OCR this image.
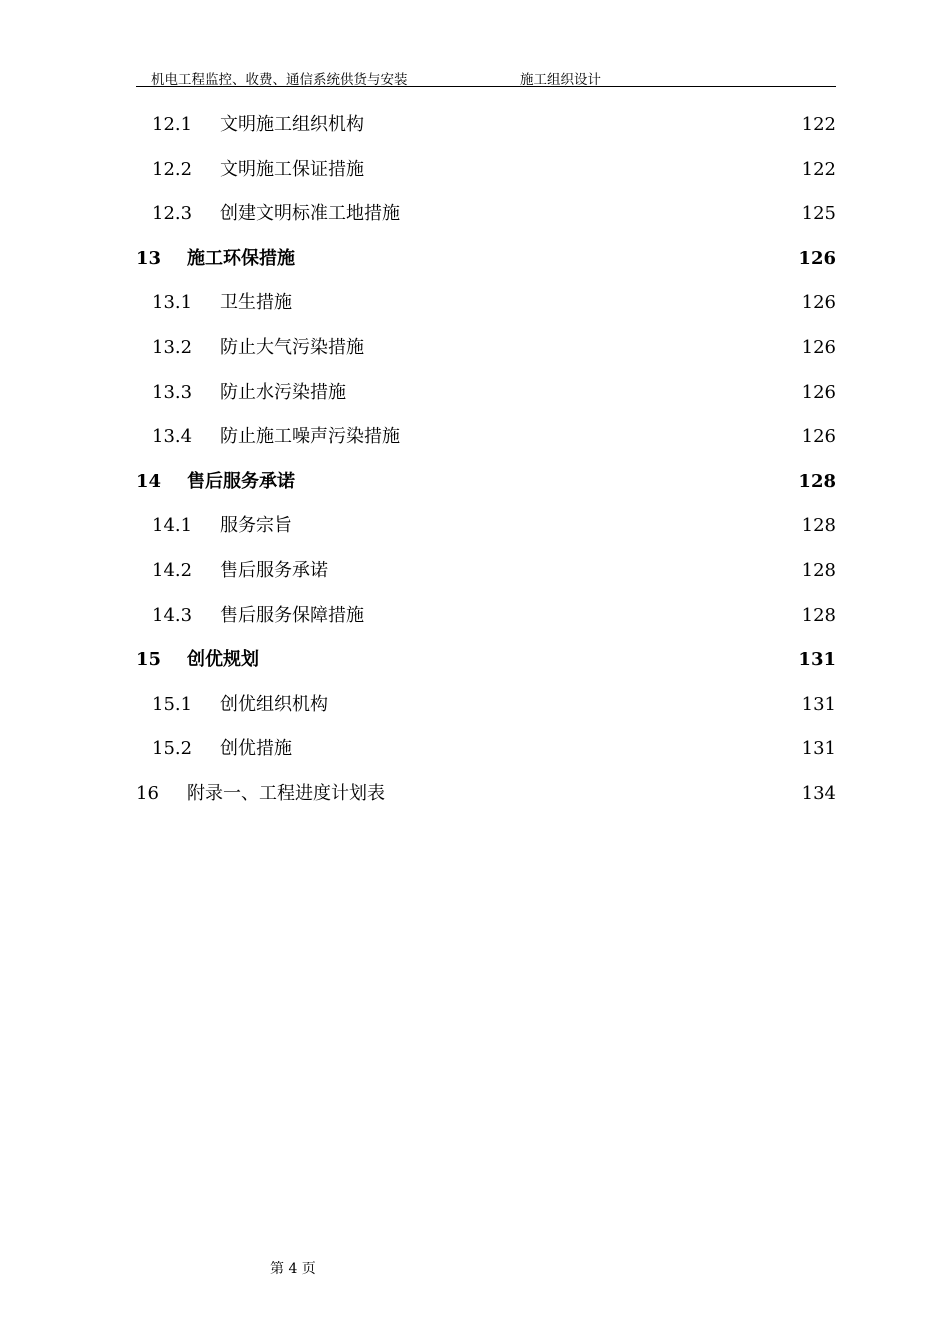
机电工程监控、收费、通信系统供货与安装	施工组织设计
12.1 文明施工组织机构	122
12.2 文明施工保证措施	122
12.3 创建文明标准工地措施	125
13 施工环保措施	126
13.1 卫生措施	126
13.2 防止大气污染措施	126
13.3 防止水污染措施	126
13.4 防止施工噪声污染措施	126
14 售后服务承诺	128
14.1 服务宗旨	128
14.2 售后服务承诺	128
14.3 售后服务保障措施	128
15 创优规划	131
15.1 创优组织机构	131
15.2 创优措施	131
16 附录一、工程进度计划表	134
第 4 页
